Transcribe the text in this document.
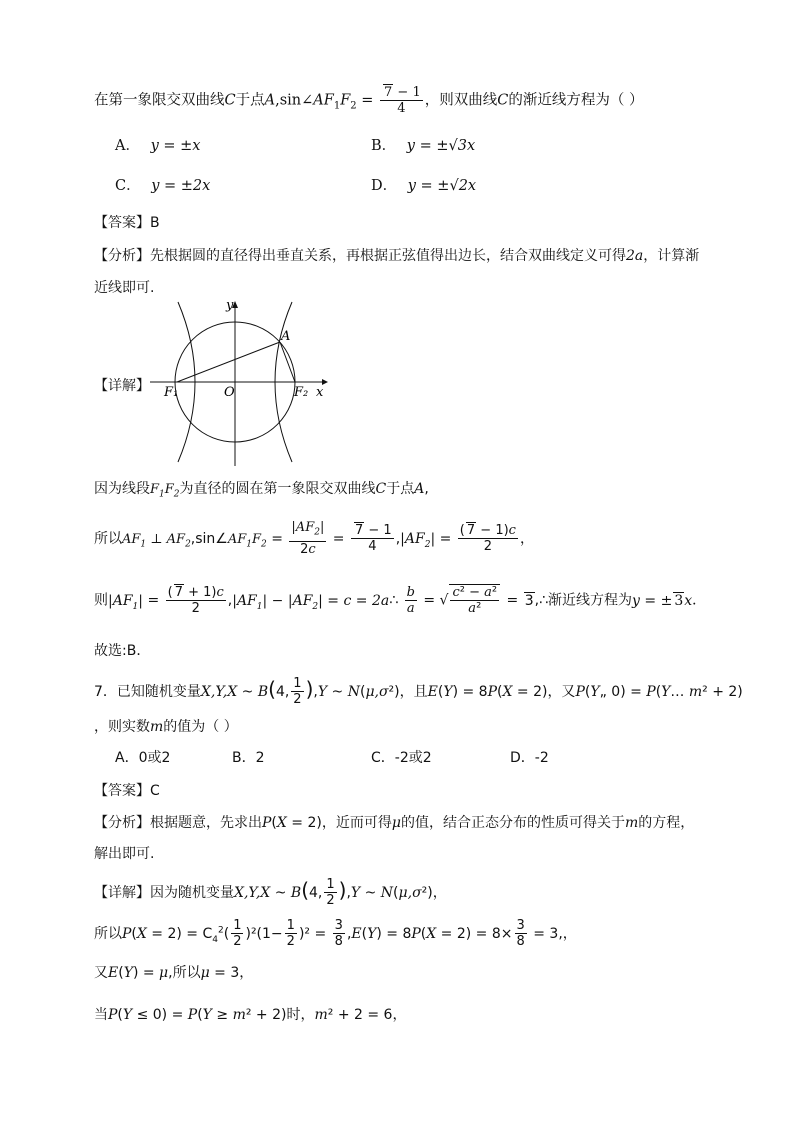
在第一象限交双曲线C于点$A,\sin\angle AF_1F_2 = \frac{7 - 1}{4}$ ，则双曲线C的渐近线方程为（ ）
A． y = ±x	B． y = ±√3x
C． y = ±2x	D． y = ±√2x
【答案】B
【分析】先根据圆的直径得出垂直关系，再根据正弦值得出边长，结合双曲线定义可得2a，计算渐
近线即可.
【详解】
y
x
A
O
F₁	F₂
因为线段$F_1F_2$为直径的圆在第一象限交双曲线C于点A,
所以$AF_1$ ⊥ $AF_2,\sin\angle AF_1F_2 = \frac{|AF_2|}{2c} = \frac{7 - 1}{4} ,|AF_2| = \frac{( 7 - 1)c}{2}$ ，
则$|AF_1| = \frac{( 7 + 1)c}{2} ,|AF_1| - |AF_2| = c$ = 2a∴ $\frac{b}{a}$ = √ $\frac{\text{c² − a²}}{\text{a²}}$ = 3,∴渐近线方程为y = ± 3x．
故选:B．
7．已知随机变量X,Y,X ~ B(4, $\frac{1}{2} ),Y$ ~ N(μ,σ²)，且E(Y) = 8P(X = 2)，又P(Y„ 0) = P(Y… m² + 2)
，则实数m的值为（ ）
A．0或2	B．2	C．-2或2	D．-2
【答案】C
【分析】根据题意，先求出P(X = 2)，近而可得μ的值，结合正态分布的性质可得关于m的方程，
解出即可.
【详解】因为随机变量X,Y,X ~ B(4, $\frac{1}{2} ),Y$ ~ N(μ,σ²)，
所以$P(X = 2) = C_4^2( \frac{1}{2} )^2(1- \frac{1}{2} )^2 = \frac{3}{8} ,E(Y) = 8P(X = 2) = 8\times \frac{3}{8} = 3$,，
又E(Y) = μ,所以μ = 3，
当P(Y ≤ 0) = P(Y ≥ m² + 2)时，m² + 2 = 6，
